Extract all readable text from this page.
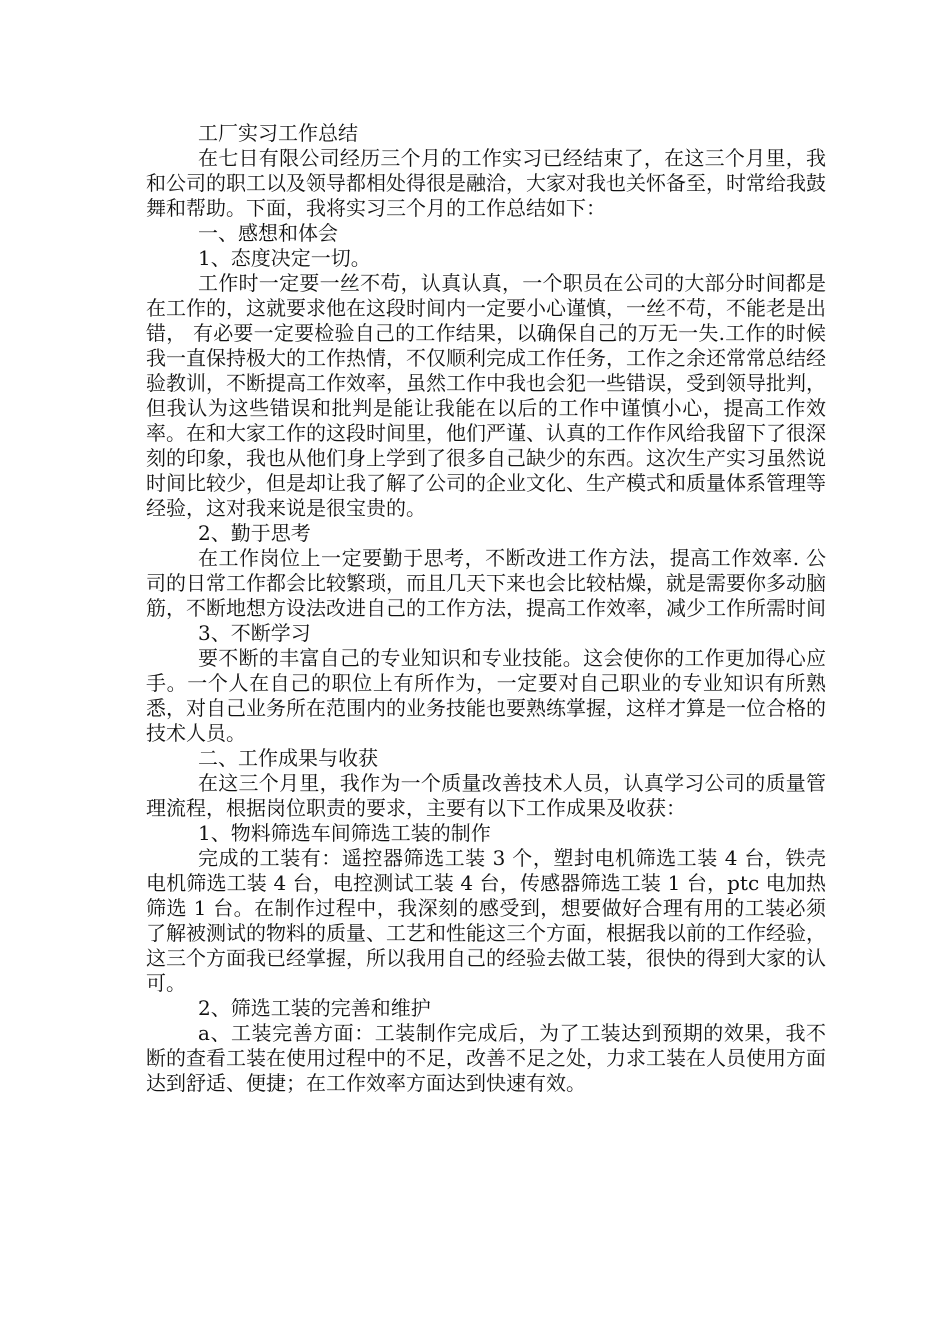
工厂实习工作总结

在七日有限公司经历三个月的工作实习已经结束了，在这三个月里，我和公司的职工以及领导都相处得很是融洽，大家对我也关怀备至，时常给我鼓舞和帮助。下面，我将实习三个月的工作总结如下：

一、感想和体会

1、态度决定一切。

工作时一定要一丝不苟，认真认真，一个职员在公司的大部分时间都是在工作的，这就要求他在这段时间内一定要小心谨慎，一丝不苟，不能老是出错， 有必要一定要检验自己的工作结果，以确保自己的万无一失.工作的时候我一直保持极大的工作热情，不仅顺利完成工作任务，工作之余还常常总结经验教训，不断提高工作效率，虽然工作中我也会犯一些错误，受到领导批判，但我认为这些错误和批判是能让我能在以后的工作中谨慎小心，提高工作效率。在和大家工作的这段时间里，他们严谨、认真的工作作风给我留下了很深刻的印象，我也从他们身上学到了很多自己缺少的东西。这次生产实习虽然说时间比较少，但是却让我了解了公司的企业文化、生产模式和质量体系管理等经验，这对我来说是很宝贵的。

2、勤于思考

在工作岗位上一定要勤于思考，不断改进工作方法，提高工作效率. 公司的日常工作都会比较繁琐，而且几天下来也会比较枯燥，就是需要你多动脑筋，不断地想方设法改进自己的工作方法，提高工作效率，减少工作所需时间

3、不断学习

要不断的丰富自己的专业知识和专业技能。这会使你的工作更加得心应手。一个人在自己的职位上有所作为，一定要对自己职业的专业知识有所熟悉，对自己业务所在范围内的业务技能也要熟练掌握，这样才算是一位合格的技术人员。

二、工作成果与收获

在这三个月里，我作为一个质量改善技术人员，认真学习公司的质量管理流程，根据岗位职责的要求，主要有以下工作成果及收获：

1、物料筛选车间筛选工装的制作

完成的工装有：遥控器筛选工装 3 个，塑封电机筛选工装 4 台，铁壳电机筛选工装 4 台，电控测试工装 4 台，传感器筛选工装 1 台，ptc 电加热筛选 1 台。在制作过程中，我深刻的感受到，想要做好合理有用的工装必须了解被测试的物料的质量、工艺和性能这三个方面，根据我以前的工作经验，这三个方面我已经掌握，所以我用自己的经验去做工装，很快的得到大家的认可。

2、筛选工装的完善和维护

a、工装完善方面：工装制作完成后，为了工装达到预期的效果，我不断的查看工装在使用过程中的不足，改善不足之处，力求工装在人员使用方面达到舒适、便捷；在工作效率方面达到快速有效。
